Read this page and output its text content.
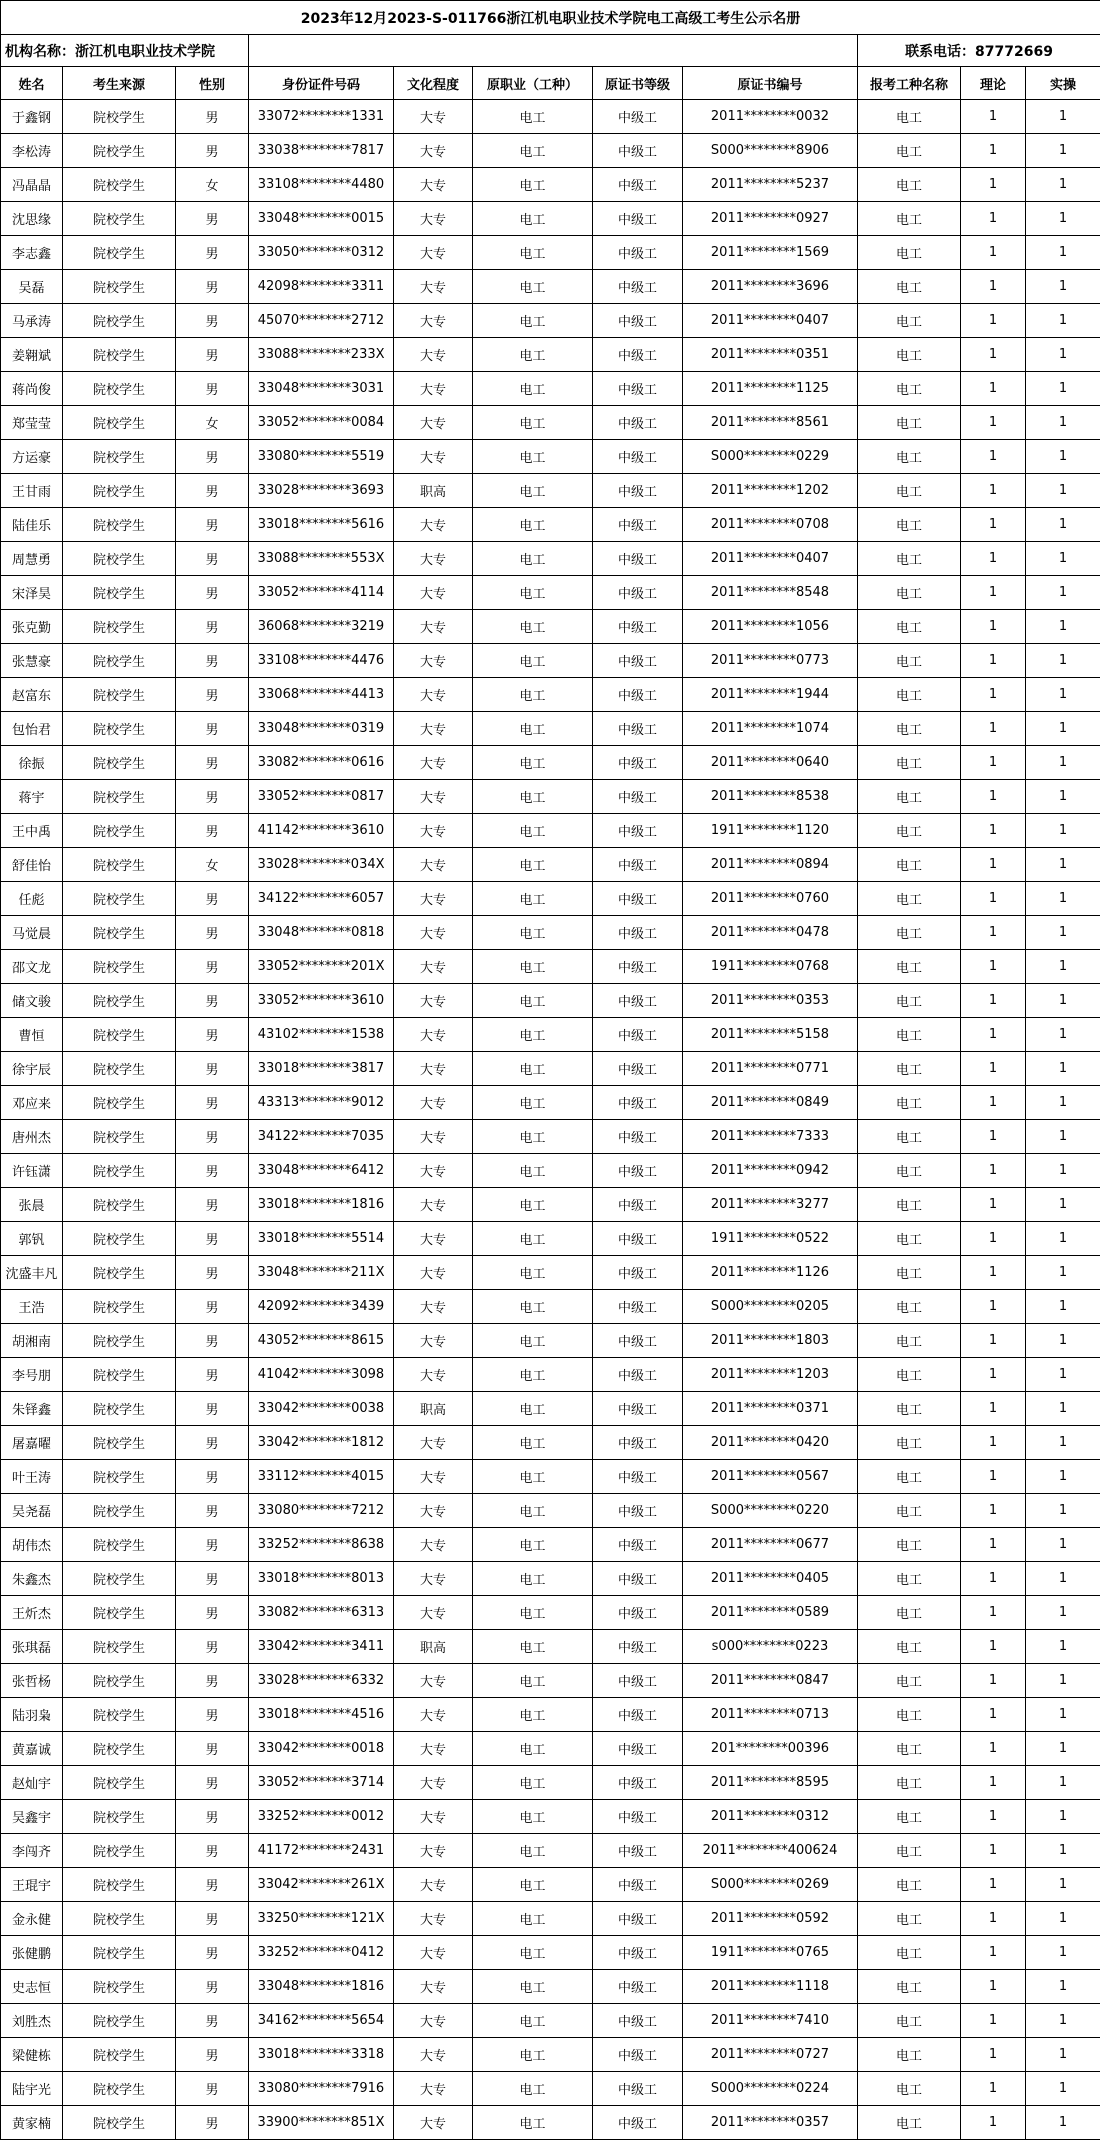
2023年12月2023-S-011766浙江机电职业技术学院电工高级工考生公示名册										
机构名称：浙江机电职业技术学院								联系电话：87772669		
姓名	考生来源	性别	身份证件号码	文化程度	原职业（工种）	原证书等级	原证书编号	报考工种名称	理论	实操
于鑫钢	院校学生	男	33072********1331	大专	电工	中级工	2011********0032	电工	1	1
李松涛	院校学生	男	33038********7817	大专	电工	中级工	S000********8906	电工	1	1
冯晶晶	院校学生	女	33108********4480	大专	电工	中级工	2011********5237	电工	1	1
沈思缘	院校学生	男	33048********0015	大专	电工	中级工	2011********0927	电工	1	1
李志鑫	院校学生	男	33050********0312	大专	电工	中级工	2011********1569	电工	1	1
吴磊	院校学生	男	42098********3311	大专	电工	中级工	2011********3696	电工	1	1
马承涛	院校学生	男	45070********2712	大专	电工	中级工	2011********0407	电工	1	1
姜翱斌	院校学生	男	33088********233X	大专	电工	中级工	2011********0351	电工	1	1
蒋尚俊	院校学生	男	33048********3031	大专	电工	中级工	2011********1125	电工	1	1
郑莹莹	院校学生	女	33052********0084	大专	电工	中级工	2011********8561	电工	1	1
方运豪	院校学生	男	33080********5519	大专	电工	中级工	S000********0229	电工	1	1
王甘雨	院校学生	男	33028********3693	职高	电工	中级工	2011********1202	电工	1	1
陆佳乐	院校学生	男	33018********5616	大专	电工	中级工	2011********0708	电工	1	1
周慧勇	院校学生	男	33088********553X	大专	电工	中级工	2011********0407	电工	1	1
宋泽昊	院校学生	男	33052********4114	大专	电工	中级工	2011********8548	电工	1	1
张克勤	院校学生	男	36068********3219	大专	电工	中级工	2011********1056	电工	1	1
张慧豪	院校学生	男	33108********4476	大专	电工	中级工	2011********0773	电工	1	1
赵富东	院校学生	男	33068********4413	大专	电工	中级工	2011********1944	电工	1	1
包怡君	院校学生	男	33048********0319	大专	电工	中级工	2011********1074	电工	1	1
徐振	院校学生	男	33082********0616	大专	电工	中级工	2011********0640	电工	1	1
蒋宇	院校学生	男	33052********0817	大专	电工	中级工	2011********8538	电工	1	1
王中禹	院校学生	男	41142********3610	大专	电工	中级工	1911********1120	电工	1	1
舒佳怡	院校学生	女	33028********034X	大专	电工	中级工	2011********0894	电工	1	1
任彪	院校学生	男	34122********6057	大专	电工	中级工	2011********0760	电工	1	1
马觉晨	院校学生	男	33048********0818	大专	电工	中级工	2011********0478	电工	1	1
邵文龙	院校学生	男	33052********201X	大专	电工	中级工	1911********0768	电工	1	1
储文骏	院校学生	男	33052********3610	大专	电工	中级工	2011********0353	电工	1	1
曹恒	院校学生	男	43102********1538	大专	电工	中级工	2011********5158	电工	1	1
徐宇辰	院校学生	男	33018********3817	大专	电工	中级工	2011********0771	电工	1	1
邓应来	院校学生	男	43313********9012	大专	电工	中级工	2011********0849	电工	1	1
唐州杰	院校学生	男	34122********7035	大专	电工	中级工	2011********7333	电工	1	1
许钰潇	院校学生	男	33048********6412	大专	电工	中级工	2011********0942	电工	1	1
张晨	院校学生	男	33018********1816	大专	电工	中级工	2011********3277	电工	1	1
郭钒	院校学生	男	33018********5514	大专	电工	中级工	1911********0522	电工	1	1
沈盛丰凡	院校学生	男	33048********211X	大专	电工	中级工	2011********1126	电工	1	1
王浩	院校学生	男	42092********3439	大专	电工	中级工	S000********0205	电工	1	1
胡湘南	院校学生	男	43052********8615	大专	电工	中级工	2011********1803	电工	1	1
李号朋	院校学生	男	41042********3098	大专	电工	中级工	2011********1203	电工	1	1
朱铎鑫	院校学生	男	33042********0038	职高	电工	中级工	2011********0371	电工	1	1
屠嘉曜	院校学生	男	33042********1812	大专	电工	中级工	2011********0420	电工	1	1
叶王涛	院校学生	男	33112********4015	大专	电工	中级工	2011********0567	电工	1	1
吴尧磊	院校学生	男	33080********7212	大专	电工	中级工	S000********0220	电工	1	1
胡伟杰	院校学生	男	33252********8638	大专	电工	中级工	2011********0677	电工	1	1
朱鑫杰	院校学生	男	33018********8013	大专	电工	中级工	2011********0405	电工	1	1
王炘杰	院校学生	男	33082********6313	大专	电工	中级工	2011********0589	电工	1	1
张琪磊	院校学生	男	33042********3411	职高	电工	中级工	s000********0223	电工	1	1
张哲杨	院校学生	男	33028********6332	大专	电工	中级工	2011********0847	电工	1	1
陆羽枭	院校学生	男	33018********4516	大专	电工	中级工	2011********0713	电工	1	1
黄嘉诚	院校学生	男	33042********0018	大专	电工	中级工	201********00396	电工	1	1
赵灿宇	院校学生	男	33052********3714	大专	电工	中级工	2011********8595	电工	1	1
吴鑫宇	院校学生	男	33252********0012	大专	电工	中级工	2011********0312	电工	1	1
李闯齐	院校学生	男	41172********2431	大专	电工	中级工	2011********400624	电工	1	1
王琨宇	院校学生	男	33042********261X	大专	电工	中级工	S000********0269	电工	1	1
金永健	院校学生	男	33250********121X	大专	电工	中级工	2011********0592	电工	1	1
张健鹏	院校学生	男	33252********0412	大专	电工	中级工	1911********0765	电工	1	1
史志恒	院校学生	男	33048********1816	大专	电工	中级工	2011********1118	电工	1	1
刘胜杰	院校学生	男	34162********5654	大专	电工	中级工	2011********7410	电工	1	1
梁健栋	院校学生	男	33018********3318	大专	电工	中级工	2011********0727	电工	1	1
陆宇光	院校学生	男	33080********7916	大专	电工	中级工	S000********0224	电工	1	1
黄家楠	院校学生	男	33900********851X	大专	电工	中级工	2011********0357	电工	1	1
